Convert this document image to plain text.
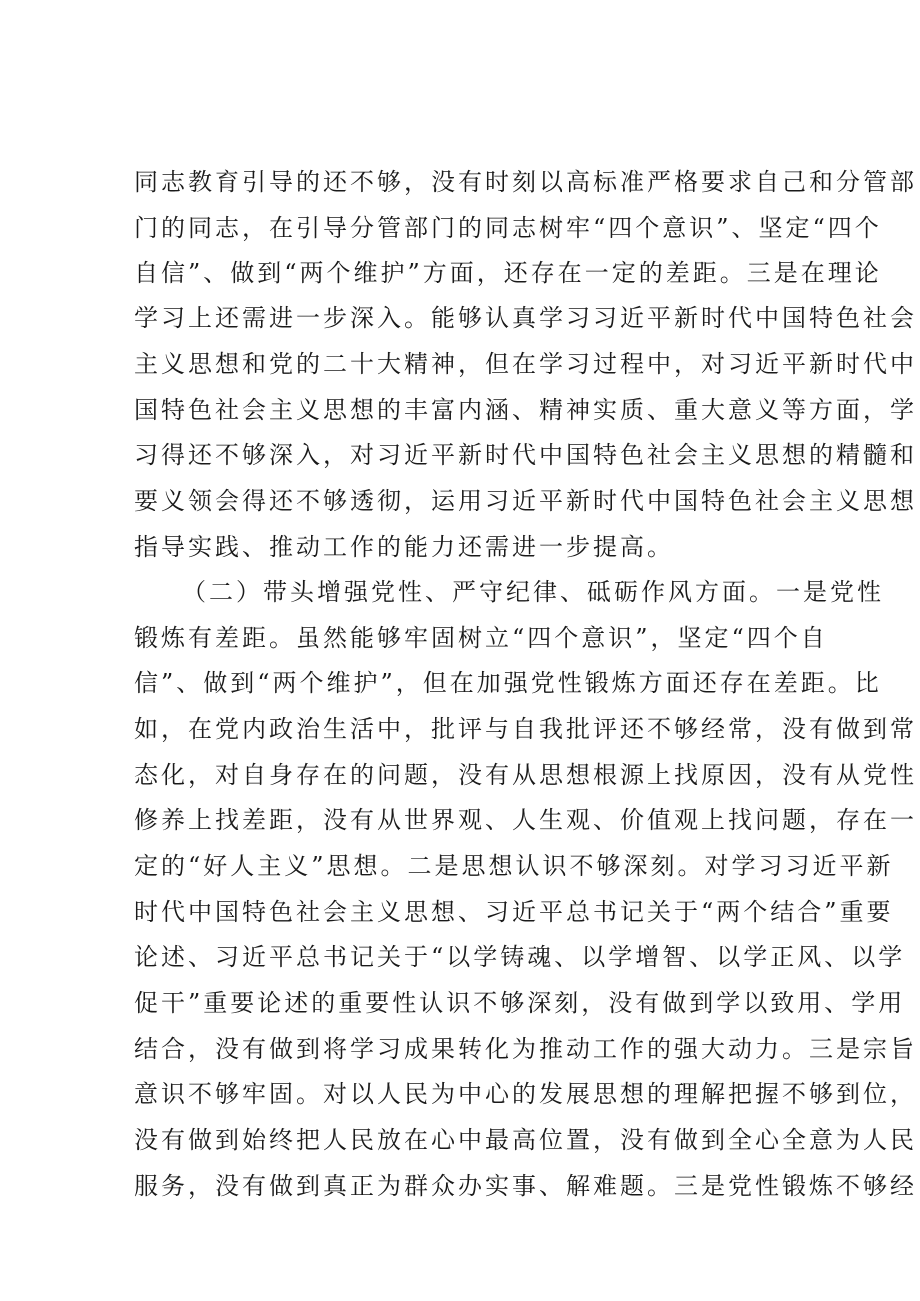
同志教育引导的还不够，没有时刻以高标准严格要求自己和分管部
门的同志，在引导分管部门的同志树牢“四个意识”、坚定“四个
自信”、做到“两个维护”方面，还存在一定的差距。三是在理论
学习上还需进一步深入。能够认真学习习近平新时代中国特色社会
主义思想和党的二十大精神，但在学习过程中，对习近平新时代中
国特色社会主义思想的丰富内涵、精神实质、重大意义等方面，学
习得还不够深入，对习近平新时代中国特色社会主义思想的精髓和
要义领会得还不够透彻，运用习近平新时代中国特色社会主义思想
指导实践、推动工作的能力还需进一步提高。
（二）带头增强党性、严守纪律、砥砺作风方面。一是党性
锻炼有差距。虽然能够牢固树立“四个意识”，坚定“四个自
信”、做到“两个维护”，但在加强党性锻炼方面还存在差距。比
如，在党内政治生活中，批评与自我批评还不够经常，没有做到常
态化，对自身存在的问题，没有从思想根源上找原因，没有从党性
修养上找差距，没有从世界观、人生观、价值观上找问题，存在一
定的“好人主义”思想。二是思想认识不够深刻。对学习习近平新
时代中国特色社会主义思想、习近平总书记关于“两个结合”重要
论述、习近平总书记关于“以学铸魂、以学增智、以学正风、以学
促干”重要论述的重要性认识不够深刻，没有做到学以致用、学用
结合，没有做到将学习成果转化为推动工作的强大动力。三是宗旨
意识不够牢固。对以人民为中心的发展思想的理解把握不够到位，
没有做到始终把人民放在心中最高位置，没有做到全心全意为人民
服务，没有做到真正为群众办实事、解难题。三是党性锻炼不够经
